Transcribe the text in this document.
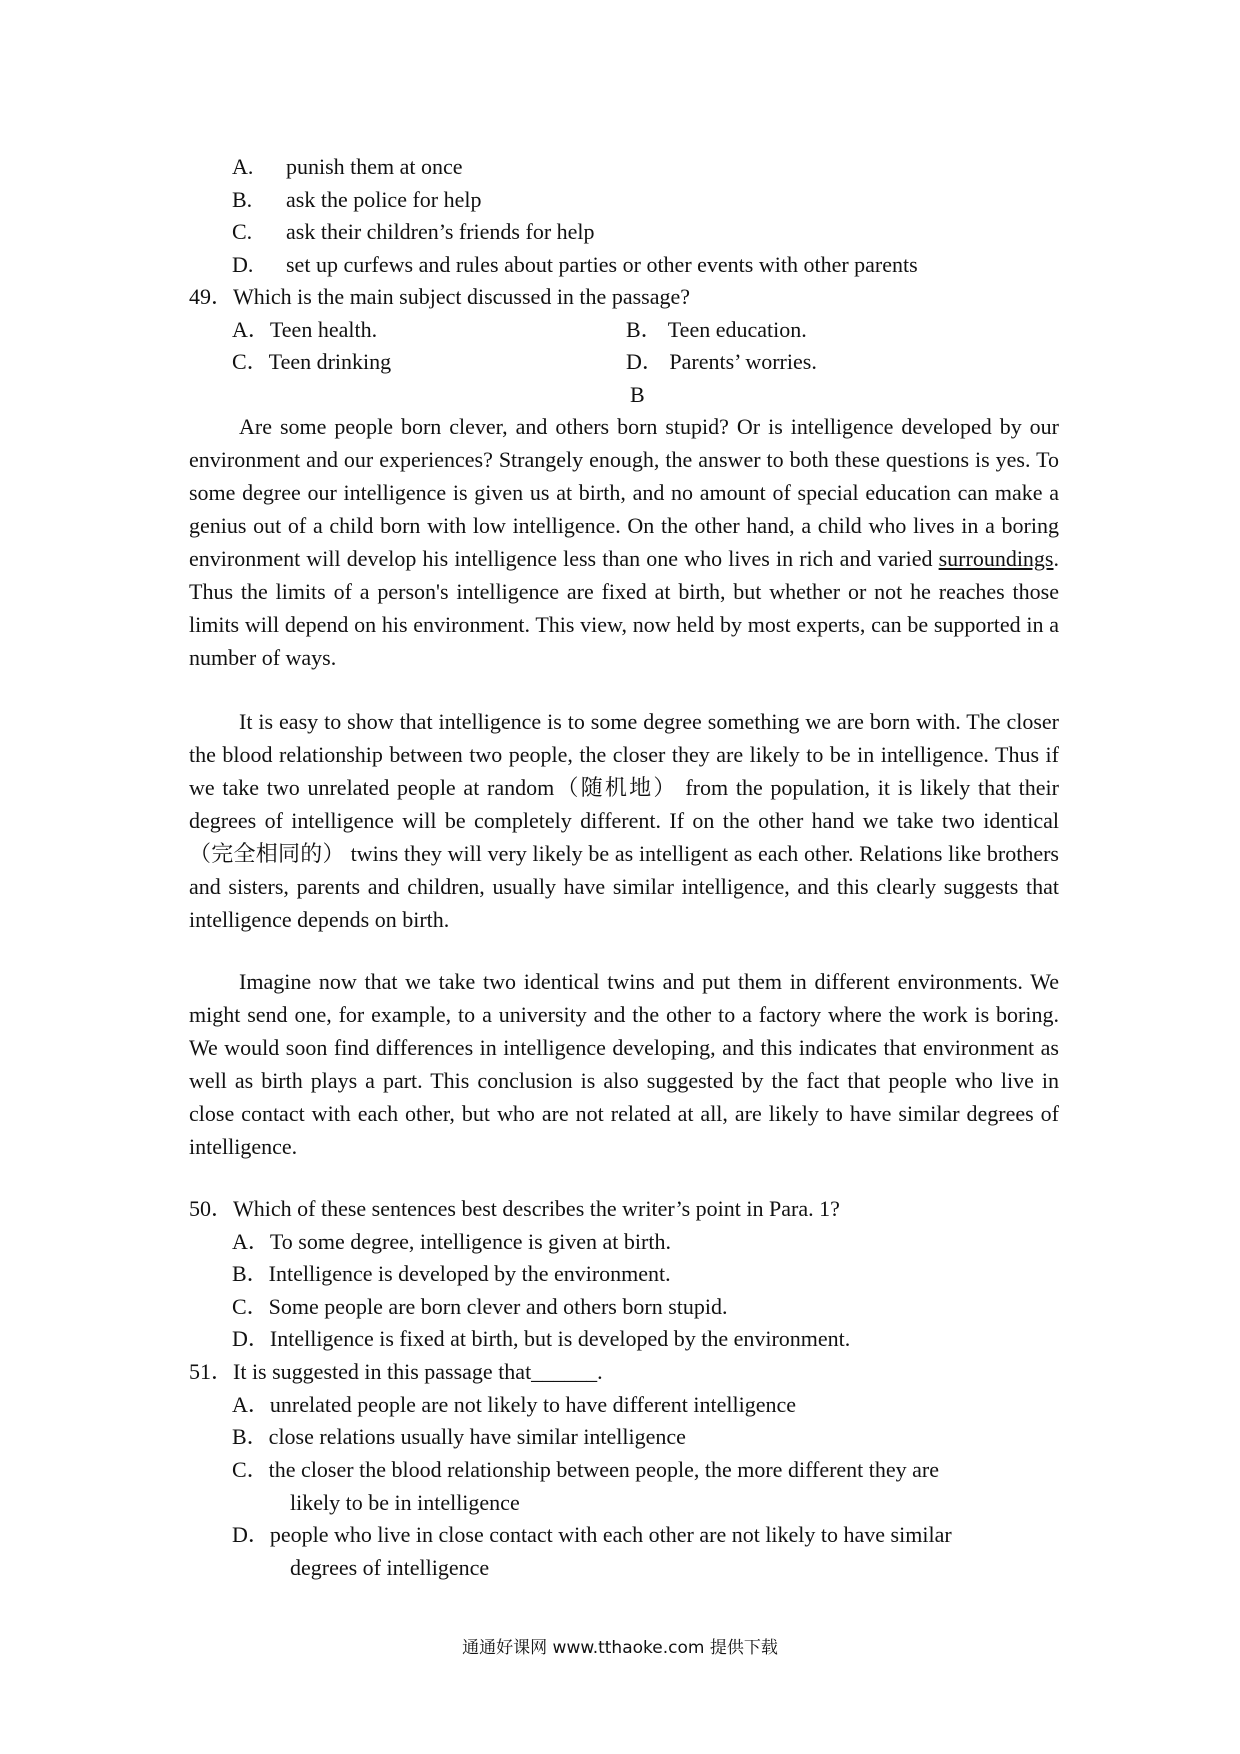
A. punish them at once
B. ask the police for help
C. ask their children’s friends for help
D. set up curfews and rules about parties or other events with other parents
49．Which is the main subject discussed in the passage?
A．Teen health.	B． Teen education.
C．Teen drinking	D． Parents’ worries.
B
Are some people born clever, and others born stupid? Or is intelligence developed by our environment and our experiences? Strangely enough, the answer to both these questions is yes. To some degree our intelligence is given us at birth, and no amount of special education can make a genius out of a child born with low intelligence. On the other hand, a child who lives in a boring environment will develop his intelligence less than one who lives in rich and varied surroundings. Thus the limits of a person's intelligence are fixed at birth, but whether or not he reaches those limits will depend on his environment. This view, now held by most experts, can be supported in a number of ways.
It is easy to show that intelligence is to some degree something we are born with. The closer the blood relationship between two people, the closer they are likely to be in intelligence. Thus if we take two unrelated people at random（随机地） from the population, it is likely that their degrees of intelligence will be completely different. If on the other hand we take two identical （完全相同的） twins they will very likely be as intelligent as each other. Relations like brothers and sisters, parents and children, usually have similar intelligence, and this clearly suggests that intelligence depends on birth.
Imagine now that we take two identical twins and put them in different environments. We might send one, for example, to a university and the other to a factory where the work is boring. We would soon find differences in intelligence developing, and this indicates that environment as well as birth plays a part. This conclusion is also suggested by the fact that people who live in close contact with each other, but who are not related at all, are likely to have similar degrees of intelligence.
50．Which of these sentences best describes the writer’s point in Para. 1?
A．To some degree, intelligence is given at birth.
B．Intelligence is developed by the environment.
C．Some people are born clever and others born stupid.
D．Intelligence is fixed at birth, but is developed by the environment.
51．It is suggested in this passage that______.
A．unrelated people are not likely to have different intelligence
B．close relations usually have similar intelligence
C．the closer the blood relationship between people, the more different they are
likely to be in intelligence
D．people who live in close contact with each other are not likely to have similar
degrees of intelligence
通通好课网 www.tthaoke.com 提供下载
